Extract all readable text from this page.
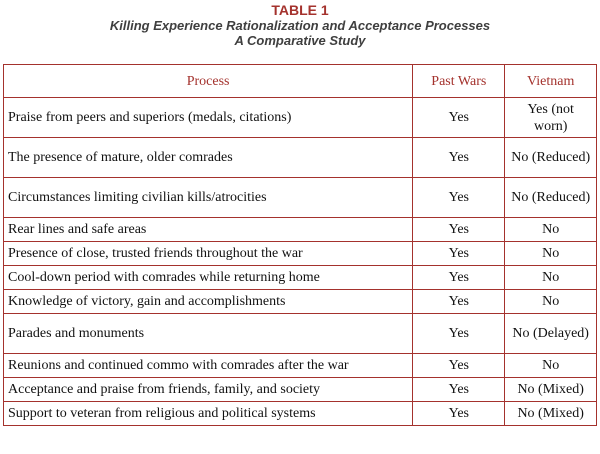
TABLE 1
Killing Experience Rationalization and Acceptance Processes
A Comparative Study
Process	Past Wars	Vietnam
Praise from peers and superiors (medals, citations)	Yes	Yes (not worn)
The presence of mature, older comrades	Yes	No (Reduced)
Circumstances limiting civilian kills/atrocities	Yes	No (Reduced)
Rear lines and safe areas	Yes	No
Presence of close, trusted friends throughout the war	Yes	No
Cool-down period with comrades while returning home	Yes	No
Knowledge of victory, gain and accomplishments	Yes	No
Parades and monuments	Yes	No (Delayed)
Reunions and continued commo with comrades after the war	Yes	No
Acceptance and praise from friends, family, and society	Yes	No (Mixed)
Support to veteran from religious and political systems	Yes	No (Mixed)
